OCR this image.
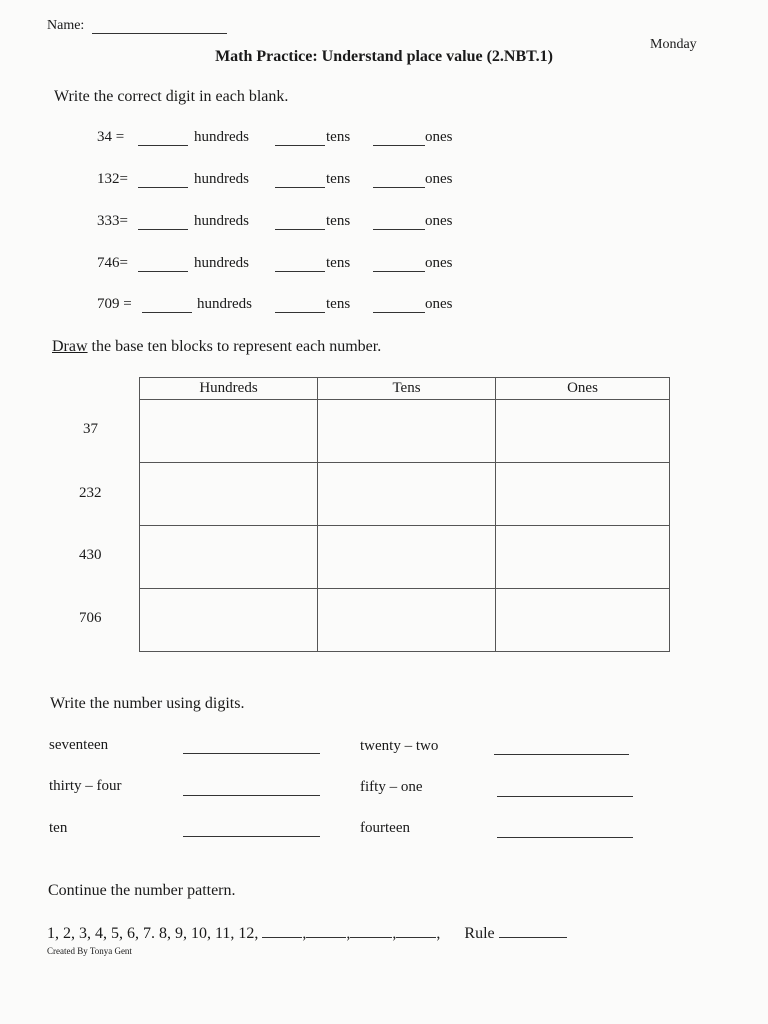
Name:
Monday
Math Practice: Understand place value (2.NBT.1)
Write the correct digit in each blank.
34 =	hundreds	tens	ones
132=	hundreds	tens	ones
333=	hundreds	tens	ones
746=	hundreds	tens	ones
709 =	hundreds	tens	ones
Draw the base ten blocks to represent each number.
Hundreds	Tens	Ones

37
232
430
706
Write the number using digits.
seventeen	twenty – two
thirty – four	fifty – one
ten	fourteen
Continue the number pattern.
1, 2, 3, 4, 5, 6, 7. 8, 9, 10, 11, 12,	,	,	,	, Rule
Created By Tonya Gent
